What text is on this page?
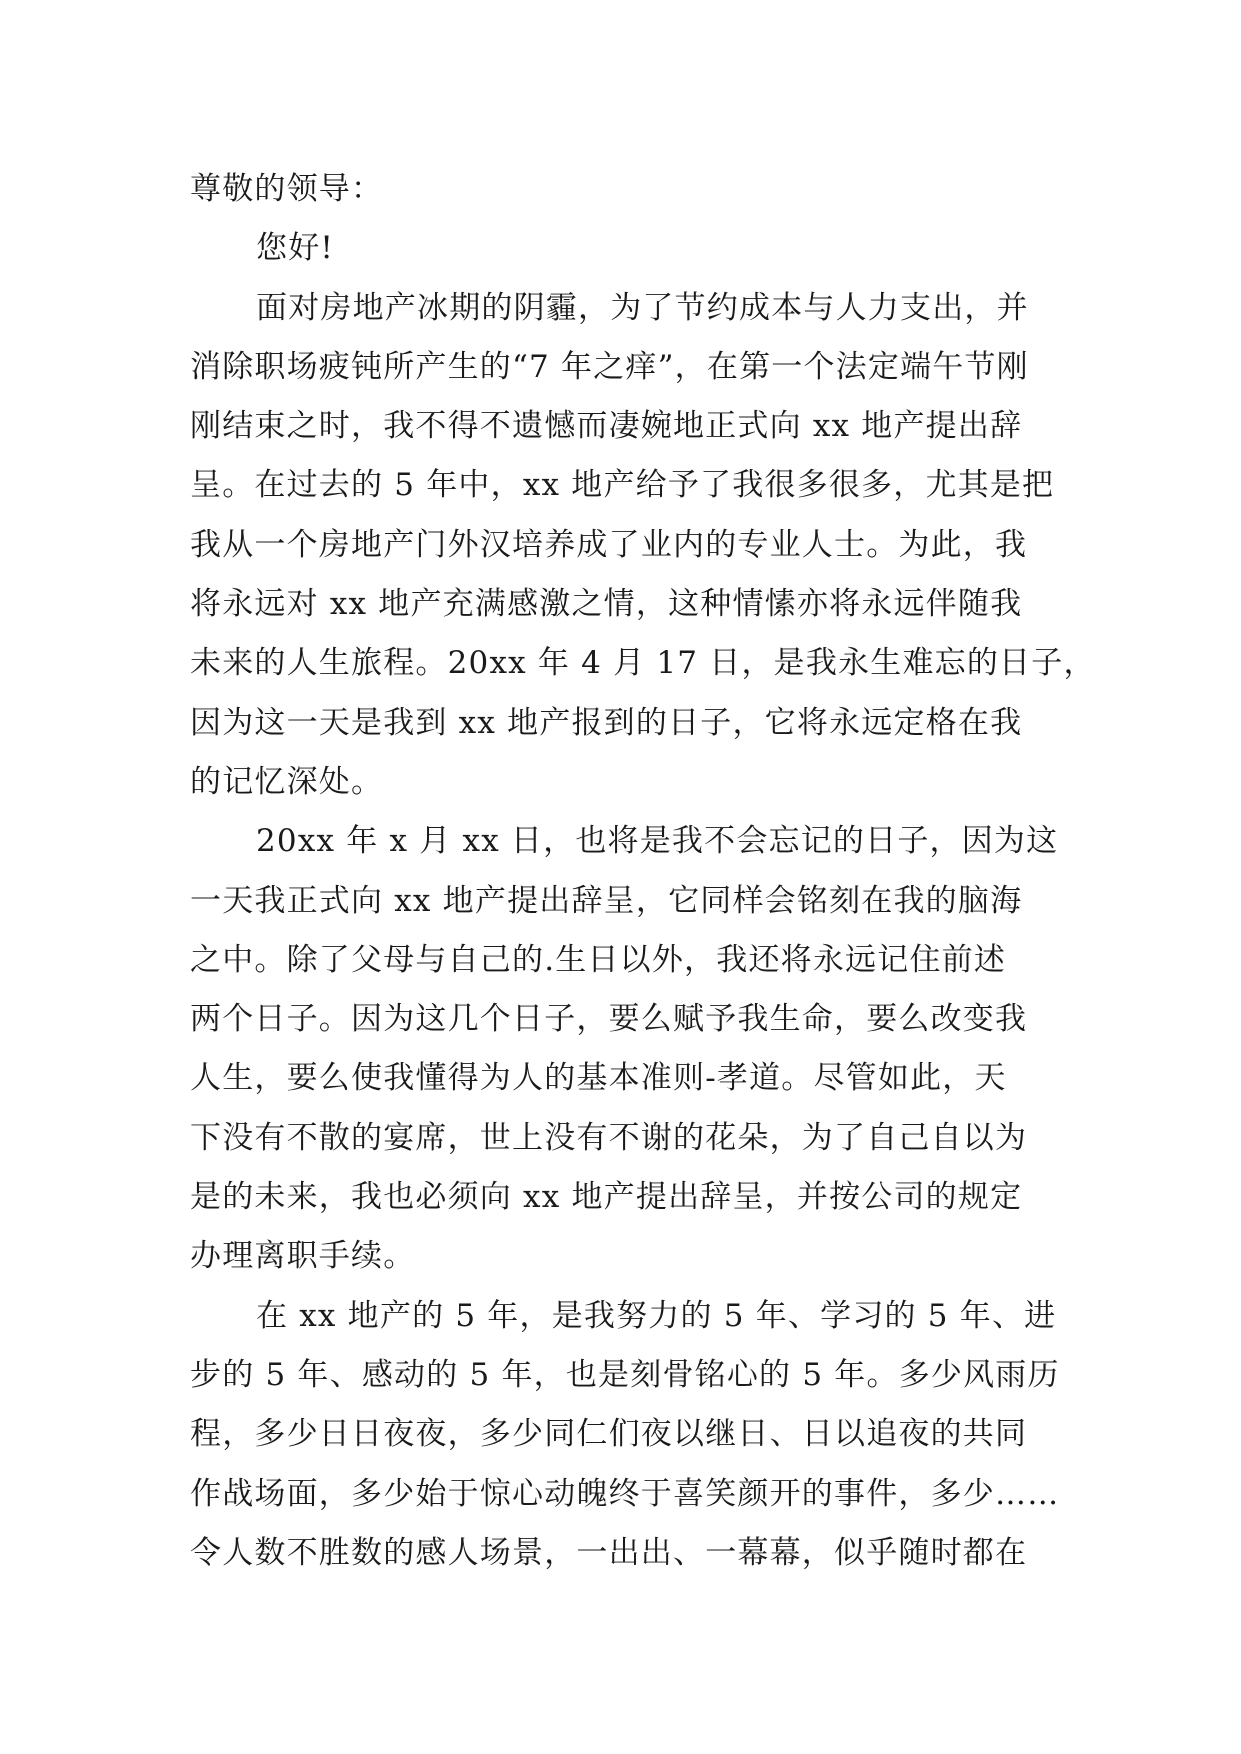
尊敬的领导：
您好!
面对房地产冰期的阴霾，为了节约成本与人力支出，并
消除职场疲钝所产生的“7 年之痒”，在第一个法定端午节刚
刚结束之时，我不得不遗憾而凄婉地正式向 xx 地产提出辞
呈。在过去的 5 年中，xx 地产给予了我很多很多，尤其是把
我从一个房地产门外汉培养成了业内的专业人士。为此，我
将永远对 xx 地产充满感激之情，这种情愫亦将永远伴随我
未来的人生旅程。20xx 年 4 月 17 日，是我永生难忘的日子，
因为这一天是我到 xx 地产报到的日子，它将永远定格在我
的记忆深处。
20xx 年 x 月 xx 日，也将是我不会忘记的日子，因为这
一天我正式向 xx 地产提出辞呈，它同样会铭刻在我的脑海
之中。除了父母与自己的.生日以外，我还将永远记住前述
两个日子。因为这几个日子，要么赋予我生命，要么改变我
人生，要么使我懂得为人的基本准则-孝道。尽管如此，天
下没有不散的宴席，世上没有不谢的花朵，为了自己自以为
是的未来，我也必须向 xx 地产提出辞呈，并按公司的规定
办理离职手续。
在 xx 地产的 5 年，是我努力的 5 年、学习的 5 年、进
步的 5 年、感动的 5 年，也是刻骨铭心的 5 年。多少风雨历
程，多少日日夜夜，多少同仁们夜以继日、日以追夜的共同
作战场面，多少始于惊心动魄终于喜笑颜开的事件，多少……
令人数不胜数的感人场景，一出出、一幕幕，似乎随时都在
